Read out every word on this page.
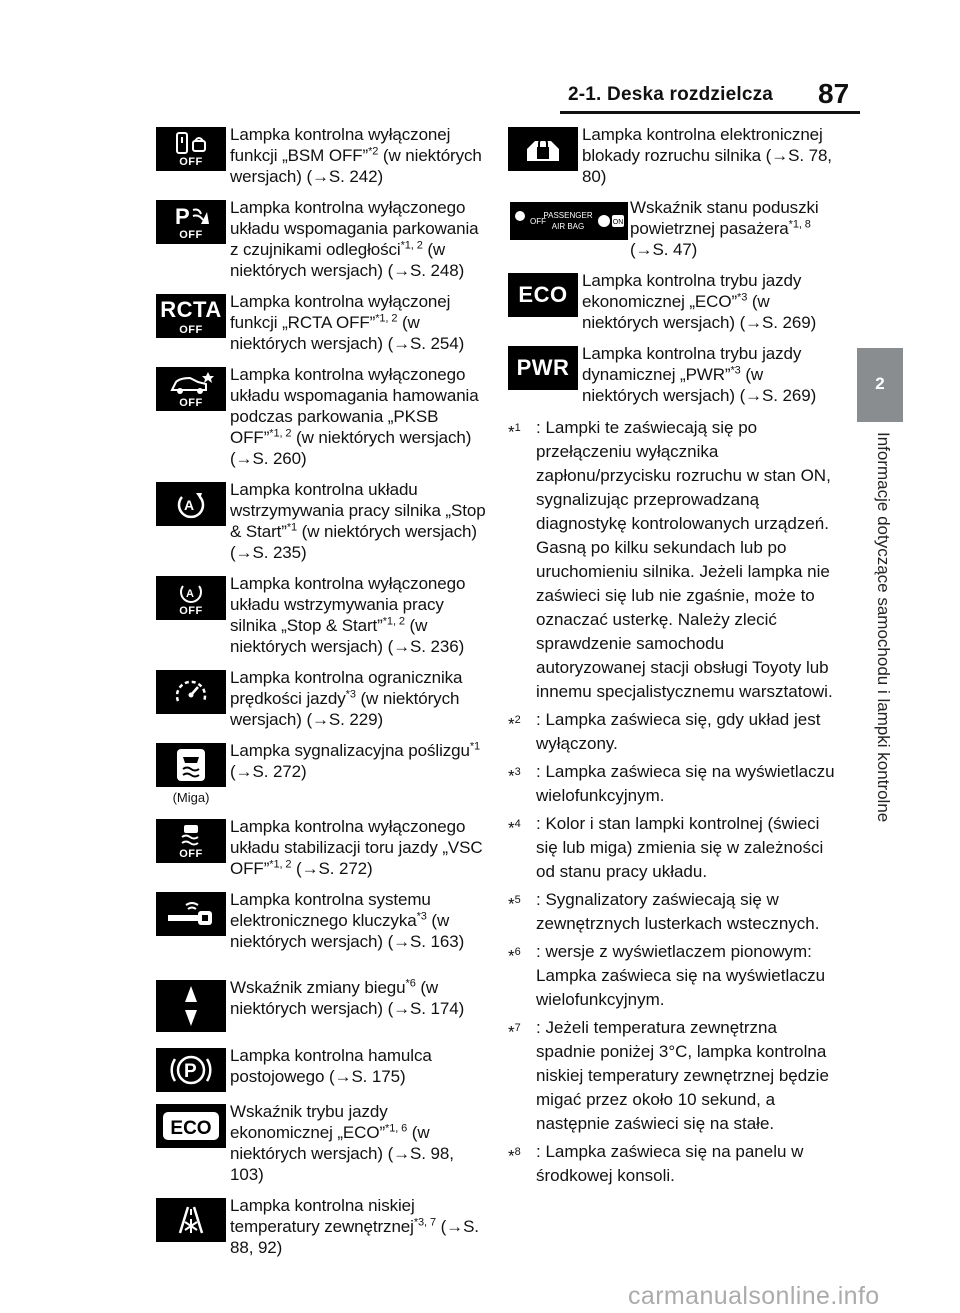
2-1. Deska rozdzielcza 87
2
Informacje dotyczące samochodu i lampki kontrolne
OFF
Lampka kontrolna wyłączonej funkcji „BSM OFF”$^{*2}$ (w niektórych wersjach) (→S. 242)
P
OFF
Lampka kontrolna wyłączonego układu wspomagania parkowania z czujnikami odległości$^{*1, 2}$ (w niektórych wersjach) (→S. 248)
RCTA
OFF
Lampka kontrolna wyłączonej funkcji „RCTA OFF”$^{*1, 2}$ (w niektórych wersjach) (→S. 254)
OFF
Lampka kontrolna wyłączonego układu wspomagania hamowania podczas parkowania „PKSB OFF”$^{*1, 2}$ (w niektórych wersjach) (→S. 260)
A
Lampka kontrolna układu wstrzymywania pracy silnika „Stop & Start”$^{*1}$ (w niektórych wersjach) (→S. 235)
A
OFF
Lampka kontrolna wyłączonego układu wstrzymywania pracy silnika „Stop & Start”$^{*1, 2}$ (w niektórych wersjach) (→S. 236)
Lampka kontrolna ogranicznika prędkości jazdy$^{*3}$ (w niektórych wersjach) (→S. 229)
(Miga)
Lampka sygnalizacyjna poślizgu$^{*1}$ (→S. 272)
OFF
Lampka kontrolna wyłączonego układu stabilizacji toru jazdy „VSC OFF”$^{*1, 2}$ (→S. 272)
Lampka kontrolna systemu elektronicznego kluczyka$^{*3}$ (w niektórych wersjach) (→S. 163)
Wskaźnik zmiany biegu$^{*6}$ (w niektórych wersjach) (→S. 174)
P
Lampka kontrolna hamulca postojowego (→S. 175)
ECO
Wskaźnik trybu jazdy ekonomicznej „ECO”$^{*1, 6}$ (w niektórych wersjach) (→S. 98, 103)
Lampka kontrolna niskiej temperatury zewnętrznej$^{*3, 7}$ (→S. 88, 92)
Lampka kontrolna elektronicznej blokady rozruchu silnika (→S. 78, 80)
OFF
PASSENGER
AIR BAG	ON
Wskaźnik stanu poduszki powietrznej pasażera$^{*1, 8}$ (→S. 47)
ECO
Lampka kontrolna trybu jazdy ekonomicznej „ECO”$^{*3}$ (w niektórych wersjach) (→S. 269)
PWR
Lampka kontrolna trybu jazdy dynamicznej „PWR”$^{*3}$ (w niektórych wersjach) (→S. 269)
*$^1$ : Lampki te zaświecają się po przełączeniu wyłącznika zapłonu/przycisku rozruchu w stan ON, sygnalizując przeprowadzaną diagnostykę kontrolowanych urządzeń. Gasną po kilku sekundach lub po uruchomieniu silnika. Jeżeli lampka nie zaświeci się lub nie zgaśnie, może to oznaczać usterkę. Należy zlecić sprawdzenie samochodu autoryzowanej stacji obsługi Toyoty lub innemu specjalistycznemu warsztatowi.
*$^2$ : Lampka zaświeca się, gdy układ jest wyłączony.
*$^3$ : Lampka zaświeca się na wyświetlaczu wielofunkcyjnym.
*$^4$ : Kolor i stan lampki kontrolnej (świeci się lub miga) zmienia się w zależności od stanu pracy układu.
*$^5$ : Sygnalizatory zaświecają się w zewnętrznych lusterkach wstecznych.
*$^6$ : wersje z wyświetlaczem pionowym: Lampka zaświeca się na wyświetlaczu wielofunkcyjnym.
*$^7$ : Jeżeli temperatura zewnętrzna spadnie poniżej 3°C, lampka kontrolna niskiej temperatury zewnętrznej będzie migać przez około 10 sekund, a następnie zaświeci się na stałe.
*$^8$ : Lampka zaświeca się na panelu w środkowej konsoli.
carmanualsonline.info
